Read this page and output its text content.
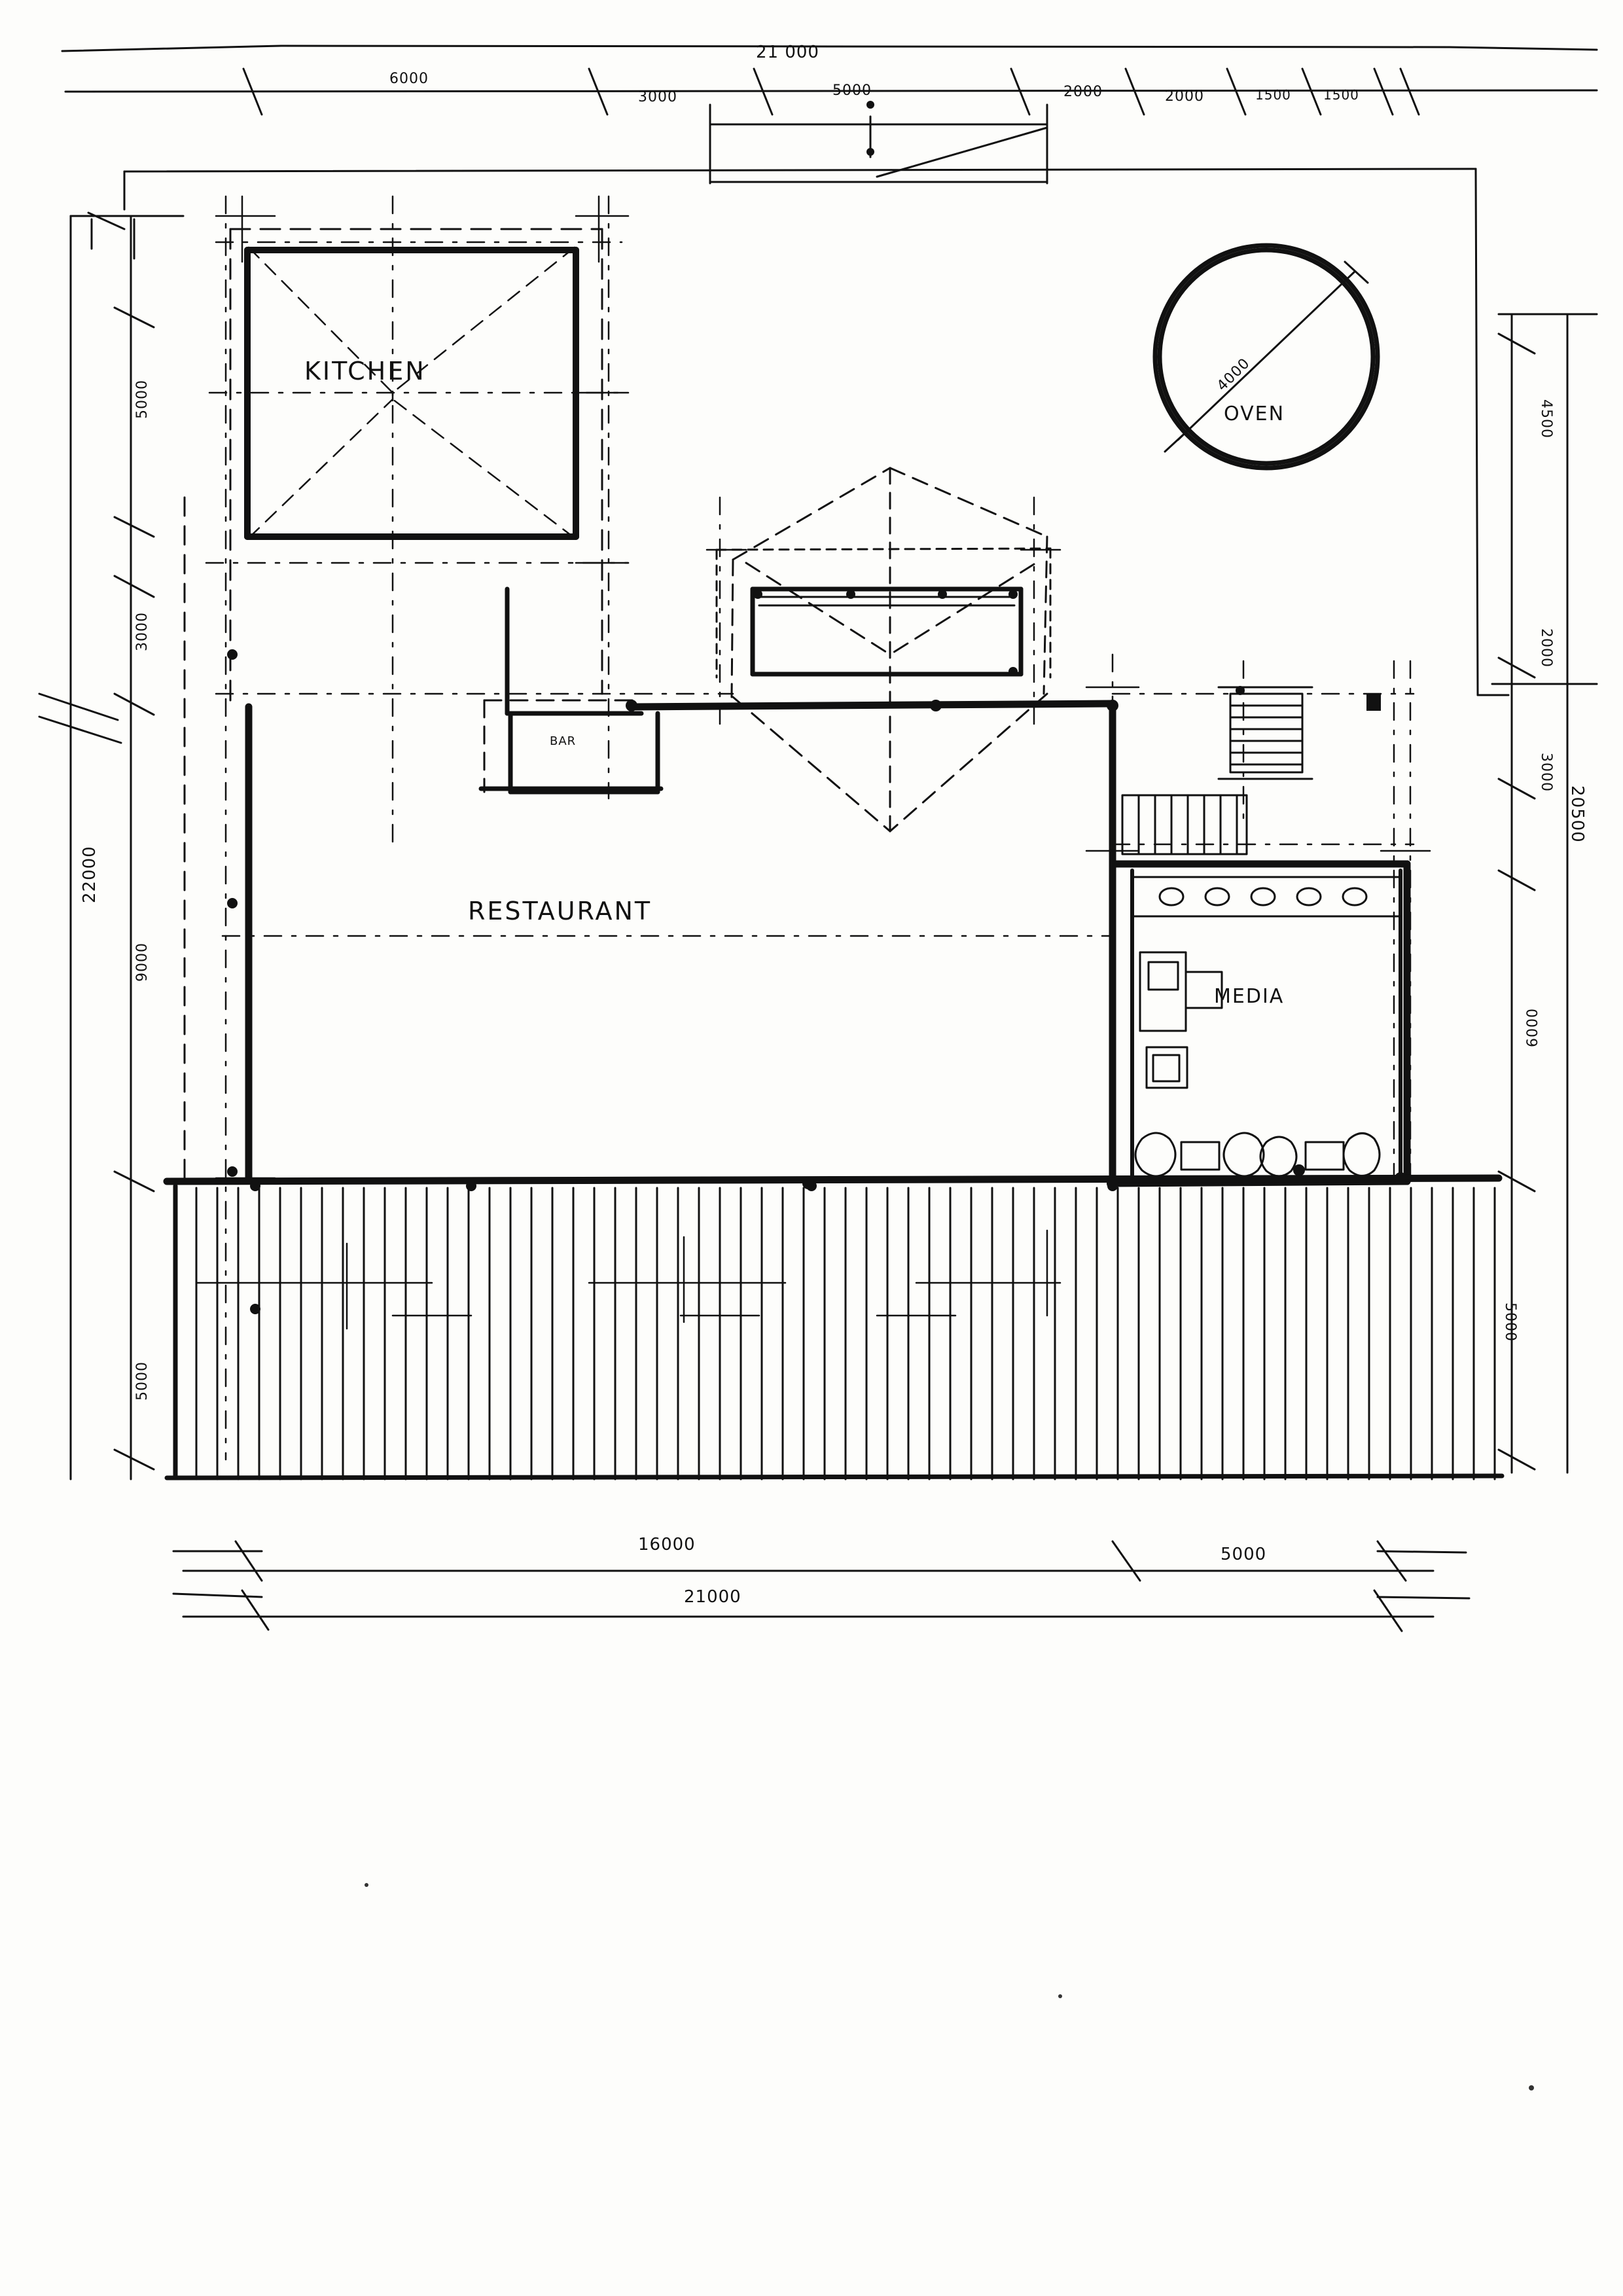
KITCHEN
RESTAURANT
BAR
MEDIA
OVEN
4000
21 000
6000
3000	5000	2000	2000	1500 1500
5000
3000
9000
5000
22000
4500
2000
3000
6000
5000
20500
16000	5000
21000
